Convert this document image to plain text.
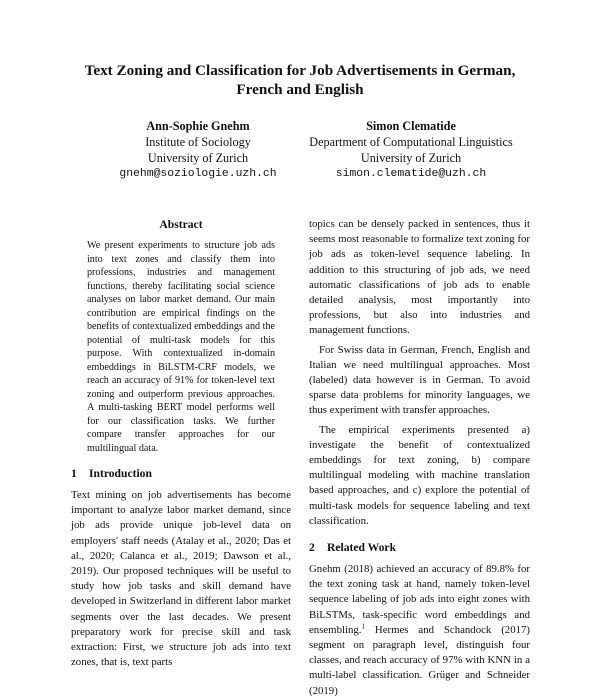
Text Zoning and Classification for Job Advertisements in German, French and English
Ann-Sophie Gnehm
Institute of Sociology
University of Zurich
gnehm@soziologie.uzh.ch
Simon Clematide
Department of Computational Linguistics
University of Zurich
simon.clematide@uzh.ch
Abstract
We present experiments to structure job ads into text zones and classify them into professions, industries and management functions, thereby facilitating social science analyses on labor market demand. Our main contribution are empirical findings on the benefits of contextualized embeddings and the potential of multi-task models for this purpose. With contextualized in-domain embeddings in BiLSTM-CRF models, we reach an accuracy of 91% for token-level text zoning and outperform previous approaches. A multi-tasking BERT model performs well for our classification tasks. We further compare transfer approaches for our multilingual data.
1 Introduction

Text mining on job advertisements has become important to analyze labor market demand, since job ads provide unique job-level data on employers' staff needs (Atalay et al., 2020; Das et al., 2020; Calanca et al., 2019; Dawson et al., 2019). Our proposed techniques will be useful to study how job tasks and skill demand have developed in Switzerland in different labor market segments over the last decades. We present preparatory work for precise skill and task extraction: First, we structure job ads into text zones, that is, text parts

topics can be densely packed in sentences, thus it seems most reasonable to formalize text zoning for job ads as token-level sequence labeling. In addition to this structuring of job ads, we need automatic classifications of job ads to enable detailed analysis, most importantly into professions, but also into industries and management functions.

For Swiss data in German, French, English and Italian we need multilingual approaches. Most (labeled) data however is in German. To avoid sparse data problems for minority languages, we thus experiment with transfer approaches.

The empirical experiments presented a) investigate the benefit of contextualized embeddings for text zoning, b) compare multilingual modeling with machine translation based approaches, and c) explore the potential of multi-task models for sequence labeling and text classification.

2 Related Work

Gnehm (2018) achieved an accuracy of 89.8% for the text zoning task at hand, namely token-level sequence labeling of job ads into eight zones with BiLSTMs, task-specific word embeddings and ensembling.$^1$ Hermes and Schandock (2017) segment on paragraph level, distinguish four classes, and reach accuracy of 97% with KNN in a multi-label classification. Grüger and Schneider (2019)
